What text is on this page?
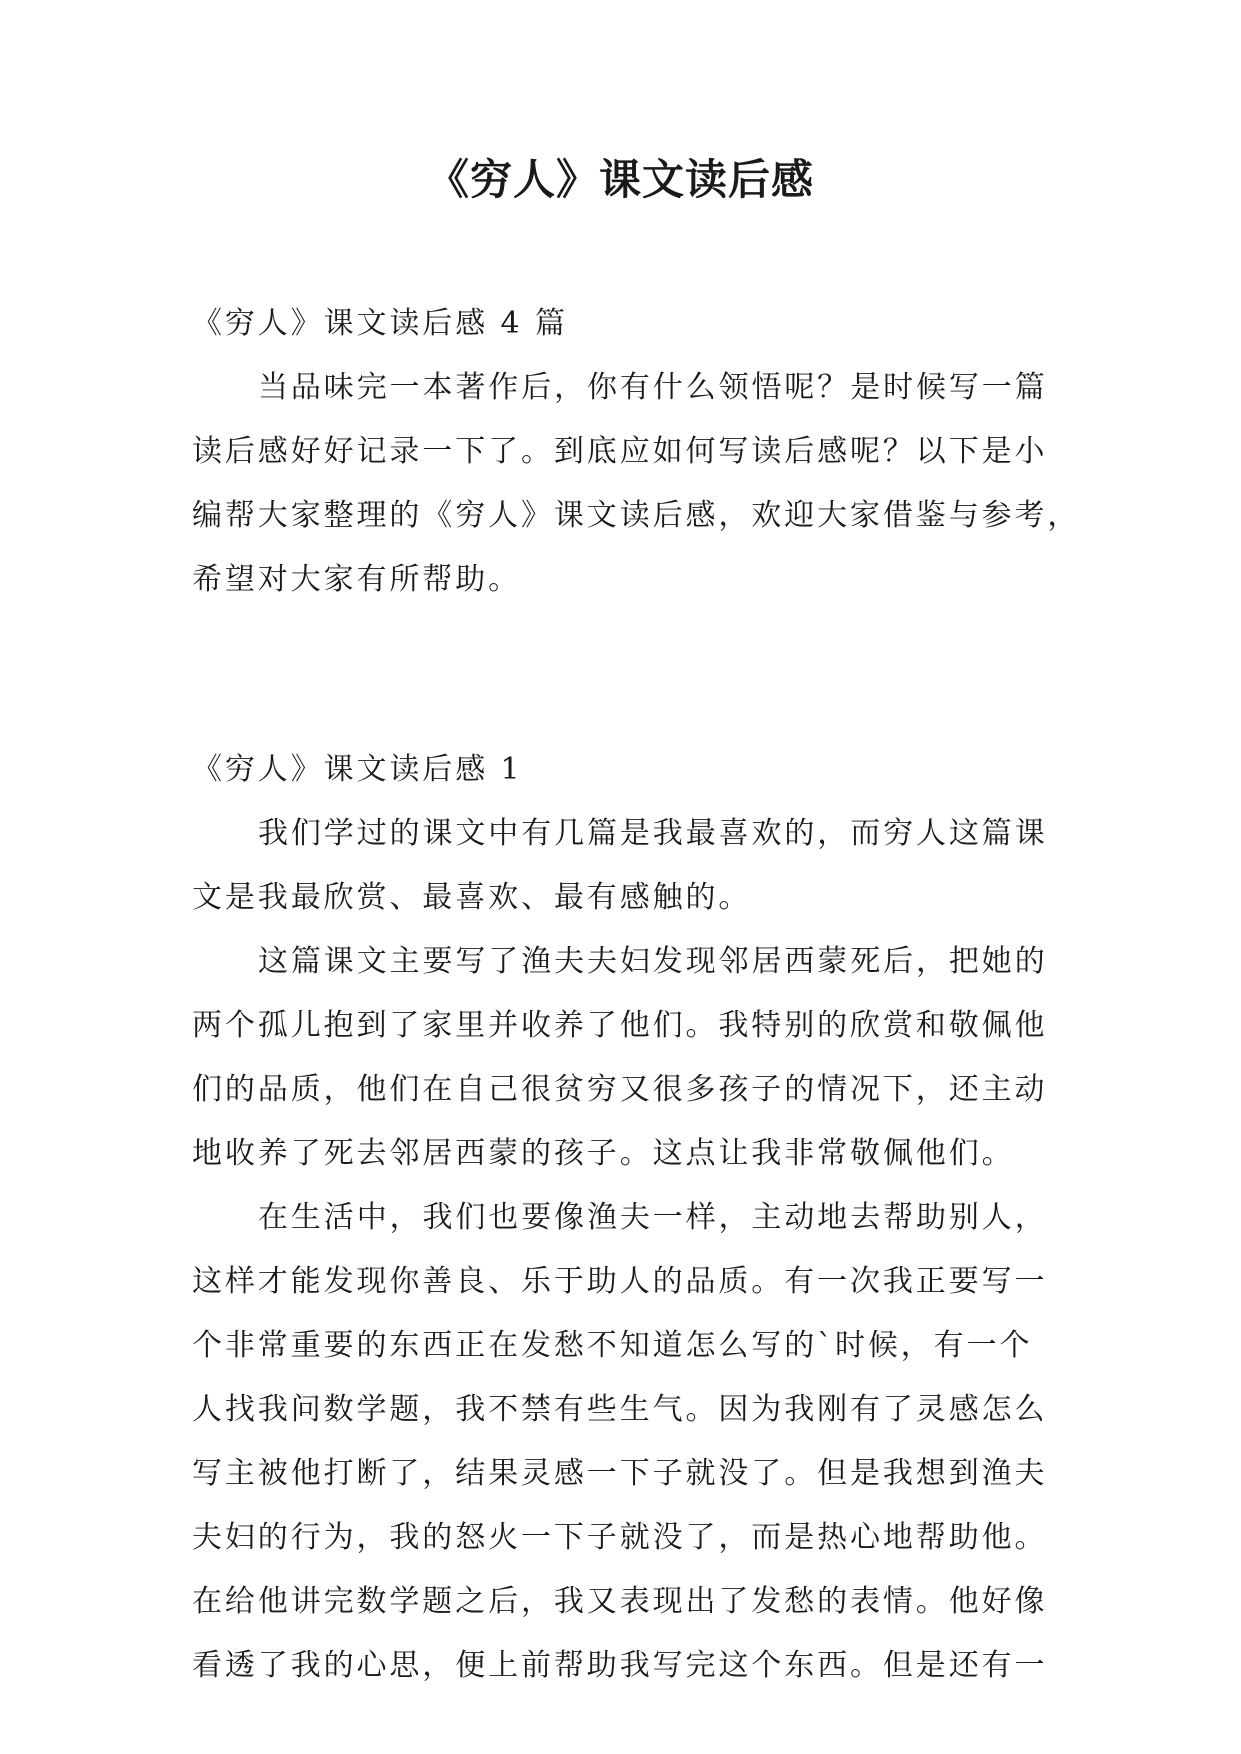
《穷人》课文读后感
《穷人》课文读后感 4 篇
当品味完一本著作后，你有什么领悟呢？是时候写一篇
读后感好好记录一下了。到底应如何写读后感呢？以下是小
编帮大家整理的《穷人》课文读后感，欢迎大家借鉴与参考，
希望对大家有所帮助。
《穷人》课文读后感 1
我们学过的课文中有几篇是我最喜欢的，而穷人这篇课
文是我最欣赏、最喜欢、最有感触的。
这篇课文主要写了渔夫夫妇发现邻居西蒙死后，把她的
两个孤儿抱到了家里并收养了他们。我特别的欣赏和敬佩他
们的品质，他们在自己很贫穷又很多孩子的情况下，还主动
地收养了死去邻居西蒙的孩子。这点让我非常敬佩他们。
在生活中，我们也要像渔夫一样，主动地去帮助别人，
这样才能发现你善良、乐于助人的品质。有一次我正要写一
个非常重要的东西正在发愁不知道怎么写的`时候，有一个
人找我问数学题，我不禁有些生气。因为我刚有了灵感怎么
写主被他打断了，结果灵感一下子就没了。但是我想到渔夫
夫妇的行为，我的怒火一下子就没了，而是热心地帮助他。
在给他讲完数学题之后，我又表现出了发愁的表情。他好像
看透了我的心思，便上前帮助我写完这个东西。但是还有一
